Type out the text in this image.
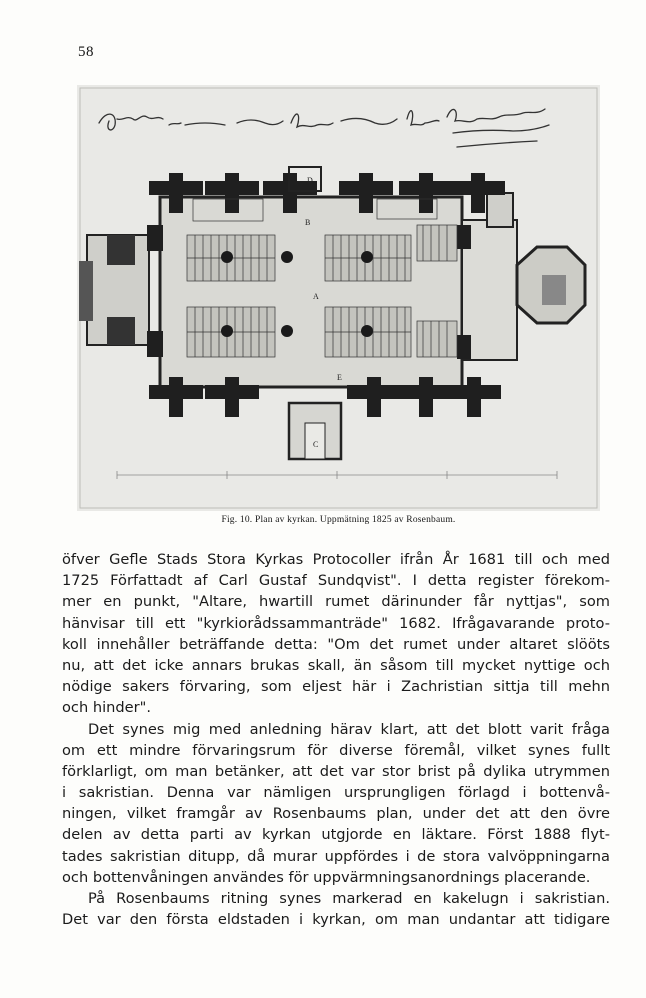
58
D
A
B
C
E
Fig. 10. Plan av kyrkan. Uppmätning 1825 av Rosenbaum.
öfver Gefle Stads Stora Kyrkas Protocoller ifrån År 1681 till och med
1725 Författadt af Carl Gustaf Sundqvist". I detta register förekom-
mer en punkt, "Altare, hwartill rumet därinunder får nyttjas", som
hänvisar till ett "kyrkiorådssammanträde" 1682. Ifrågavarande proto-
koll innehåller beträffande detta: "Om det rumet under altaret slööts
nu, att det icke annars brukas skall, än såsom till mycket nyttige och
nödige sakers förvaring, som eljest här i Zachristian sittja till mehn
och hinder".
Det synes mig med anledning härav klart, att det blott varit fråga
om ett mindre förvaringsrum för diverse föremål, vilket synes fullt
förklarligt, om man betänker, att det var stor brist på dylika utrymmen
i sakristian. Denna var nämligen ursprungligen förlagd i bottenvå-
ningen, vilket framgår av Rosenbaums plan, under det att den övre
delen av detta parti av kyrkan utgjorde en läktare. Först 1888 flyt-
tades sakristian ditupp, då murar uppfördes i de stora valvöppningarna
och bottenvåningen användes för uppvärmningsanordnings placerande.
På Rosenbaums ritning synes markerad en kakelugn i sakristian.
Det var den första eldstaden i kyrkan, om man undantar att tidigare
